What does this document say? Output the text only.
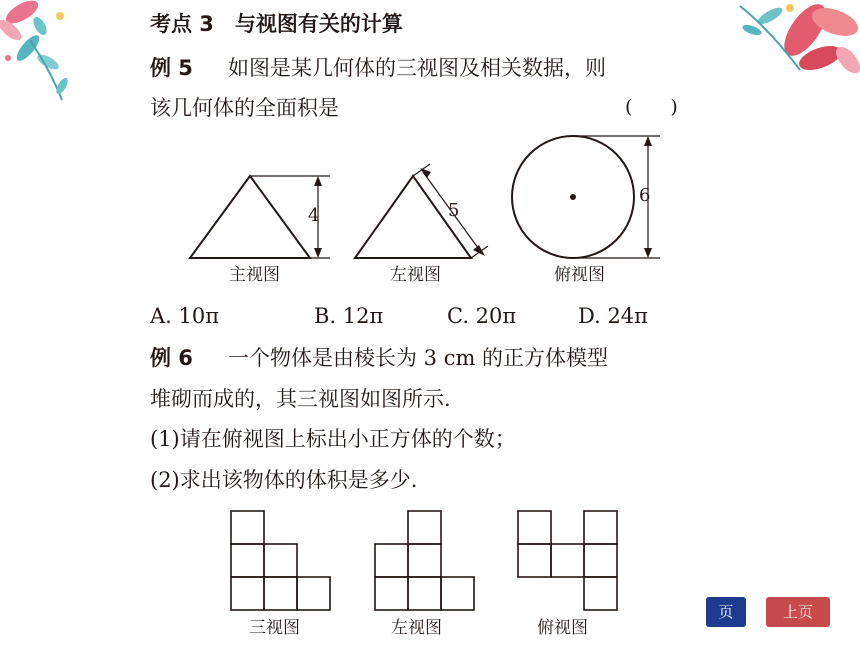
考点 3　与视图有关的计算
例 5 如图是某几何体的三视图及相关数据，则
该几何体的全面积是	(　　)
4	5
6
主视图	左视图	俯视图
A. 10π	B. 12π	C. 20π	D. 24π
例 6 一个物体是由棱长为 3 cm 的正方体模型
堆砌而成的，其三视图如图所示.
(1)请在俯视图上标出小正方体的个数；
(2)求出该物体的体积是多少.
三视图	左视图	俯视图
页	上页
